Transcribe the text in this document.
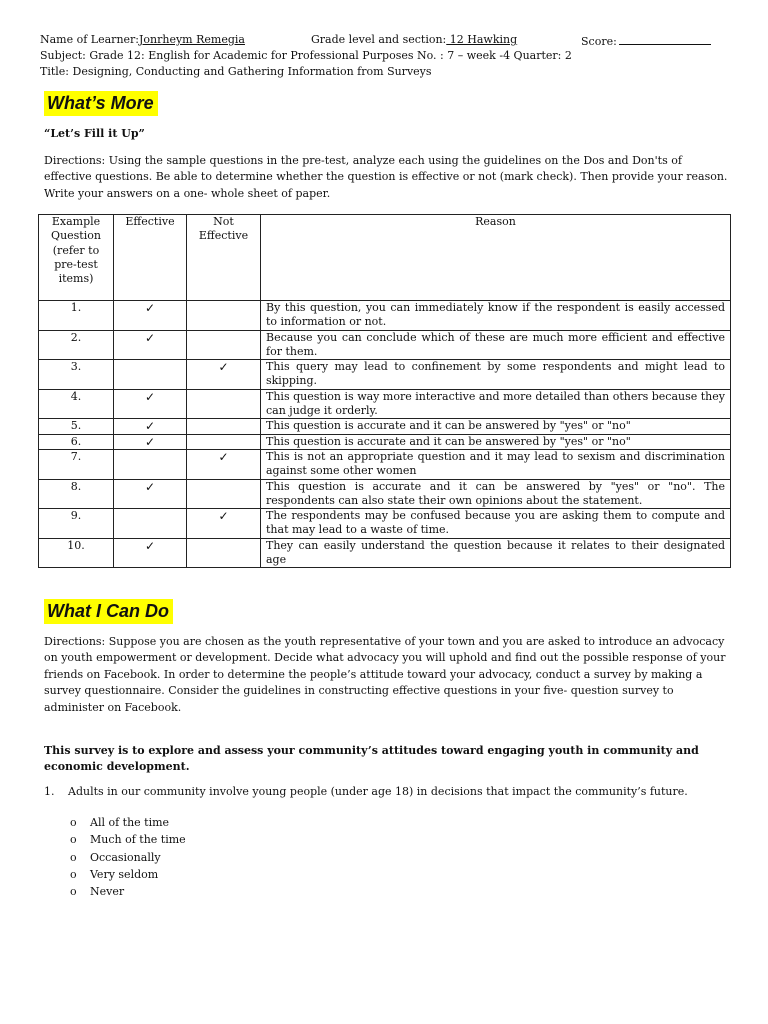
Name of Learner:Jonrheym Remegia	Grade level and section: 12 Hawking	Score:
Subject: Grade 12: English for Academic for Professional Purposes No. : 7 – week -4 Quarter: 2
Title: Designing, Conducting and Gathering Information from Surveys
What’s More
“Let’s Fill it Up”
Directions: Using the sample questions in the pre-test, analyze each using the guidelines on the Dos and Don'ts of effective questions. Be able to determine whether the question is effective or not (mark check). Then provide your reason. Write your answers on a one- whole sheet of paper.
Example Question (refer to pre-test items)	Effective	Not Effective	Reason
1.	✓		By this question, you can immediately know if the respondent is easily accessed to information or not.
2.	✓		Because you can conclude which of these are much more efficient and effective for them.
3.		✓	This query may lead to confinement by some respondents and might lead to skipping.
4.	✓		This question is way more interactive and more detailed than others because they can judge it orderly.
5.	✓		This question is accurate and it can be answered by "yes" or "no"
6.	✓		This question is accurate and it can be answered by "yes" or "no"
7.		✓	This is not an appropriate question and it may lead to sexism and discrimination against some other women
8.	✓		This question is accurate and it can be answered by "yes" or "no". The respondents can also state their own opinions about the statement.
9.		✓	The respondents may be confused because you are asking them to compute and that may lead to a waste of time.
10.	✓		They can easily understand the question because it relates to their designated age
What I Can Do
Directions: Suppose you are chosen as the youth representative of your town and you are asked to introduce an advocacy on youth empowerment or development. Decide what advocacy you will uphold and find out the possible response of your friends on Facebook. In order to determine the people’s attitude toward your advocacy, conduct a survey by making a survey questionnaire. Consider the guidelines in constructing effective questions in your five- question survey to administer on Facebook.
This survey is to explore and assess your community’s attitudes toward engaging youth in community and economic development.
1. Adults in our community involve young people (under age 18) in decisions that impact the community’s future.
o All of the time
o Much of the time
o Occasionally
o Very seldom
o Never
